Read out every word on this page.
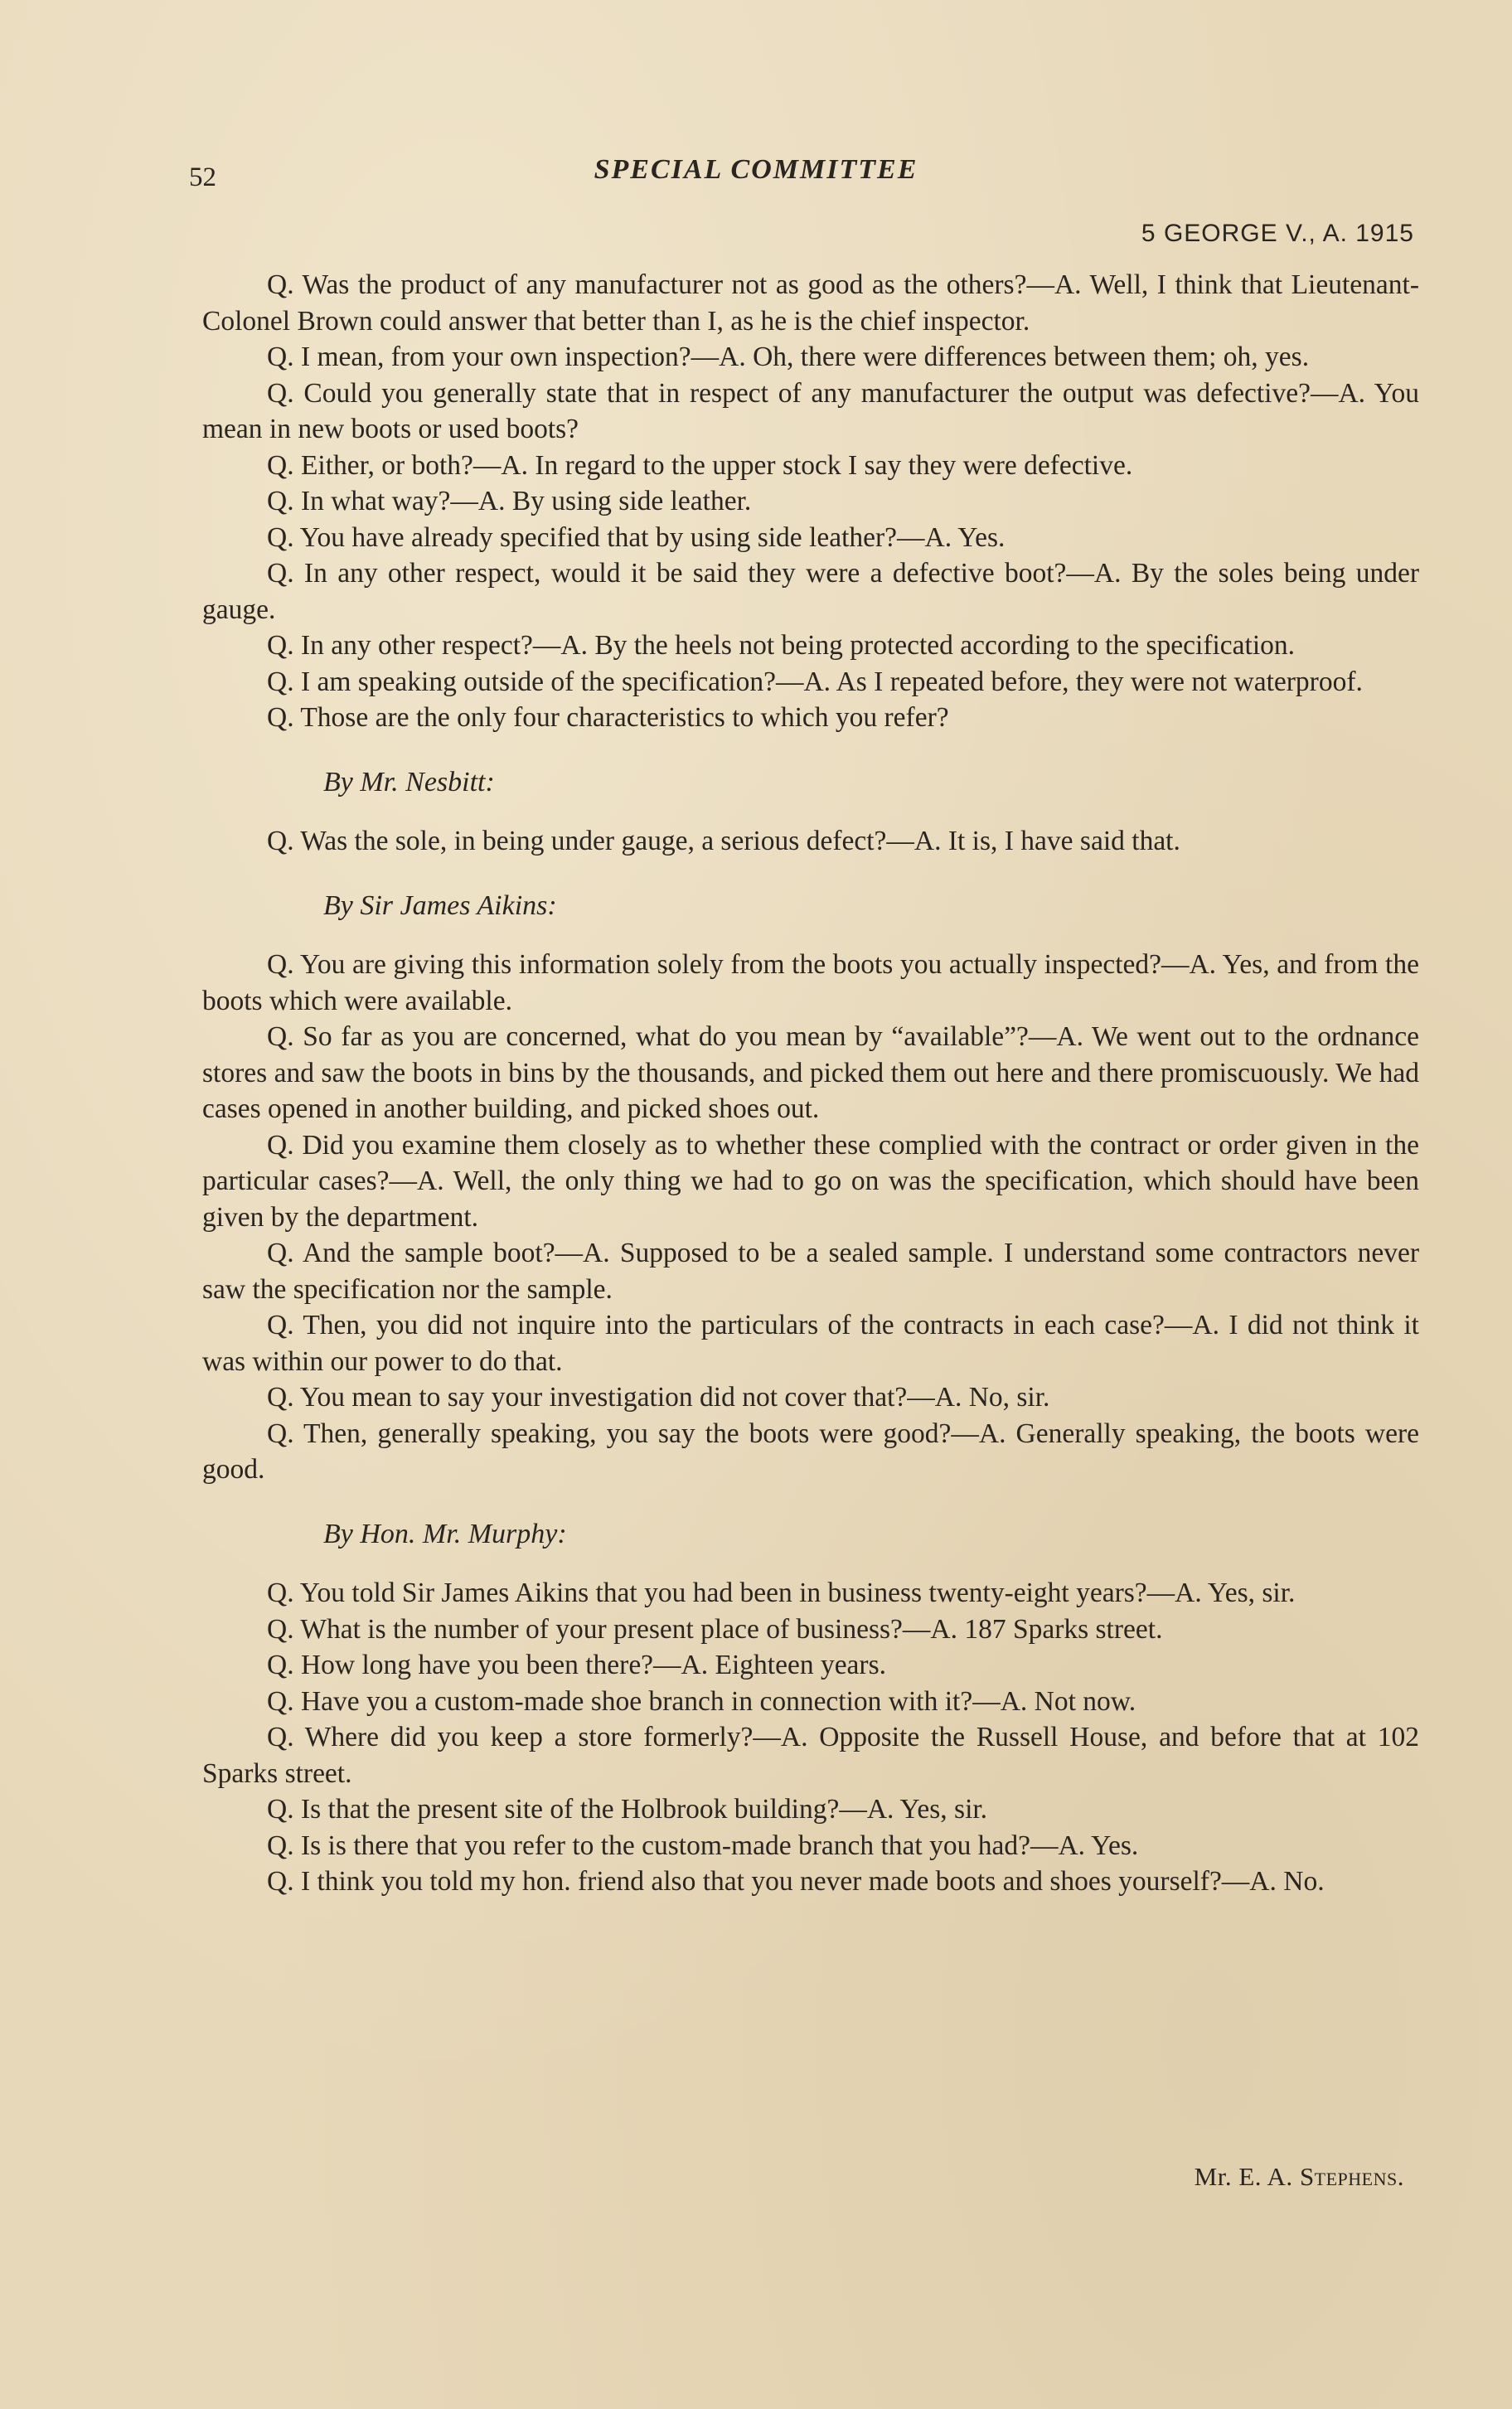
52	SPECIAL COMMITTEE
5 GEORGE V., A. 1915

Q. Was the product of any manufacturer not as good as the others?—A. Well, I think that Lieutenant-Colonel Brown could answer that better than I, as he is the chief inspector.

Q. I mean, from your own inspection?—A. Oh, there were differences between them; oh, yes.

Q. Could you generally state that in respect of any manufacturer the output was defective?—A. You mean in new boots or used boots?

Q. Either, or both?—A. In regard to the upper stock I say they were defective.

Q. In what way?—A. By using side leather.

Q. You have already specified that by using side leather?—A. Yes.

Q. In any other respect, would it be said they were a defective boot?—A. By the soles being under gauge.

Q. In any other respect?—A. By the heels not being protected according to the specification.

Q. I am speaking outside of the specification?—A. As I repeated before, they were not waterproof.

Q. Those are the only four characteristics to which you refer?

By Mr. Nesbitt:

Q. Was the sole, in being under gauge, a serious defect?—A. It is, I have said that.

By Sir James Aikins:

Q. You are giving this information solely from the boots you actually inspected?—A. Yes, and from the boots which were available.

Q. So far as you are concerned, what do you mean by “available”?—A. We went out to the ordnance stores and saw the boots in bins by the thousands, and picked them out here and there promiscuously. We had cases opened in another building, and picked shoes out.

Q. Did you examine them closely as to whether these complied with the contract or order given in the particular cases?—A. Well, the only thing we had to go on was the specification, which should have been given by the department.

Q. And the sample boot?—A. Supposed to be a sealed sample. I understand some contractors never saw the specification nor the sample.

Q. Then, you did not inquire into the particulars of the contracts in each case?—A. I did not think it was within our power to do that.

Q. You mean to say your investigation did not cover that?—A. No, sir.

Q. Then, generally speaking, you say the boots were good?—A. Generally speaking, the boots were good.

By Hon. Mr. Murphy:

Q. You told Sir James Aikins that you had been in business twenty-eight years?—A. Yes, sir.

Q. What is the number of your present place of business?—A. 187 Sparks street.

Q. How long have you been there?—A. Eighteen years.

Q. Have you a custom-made shoe branch in connection with it?—A. Not now.

Q. Where did you keep a store formerly?—A. Opposite the Russell House, and before that at 102 Sparks street.

Q. Is that the present site of the Holbrook building?—A. Yes, sir.

Q. Is is there that you refer to the custom-made branch that you had?—A. Yes.

Q. I think you told my hon. friend also that you never made boots and shoes yourself?—A. No.

Mr. E. A. Stephens.
